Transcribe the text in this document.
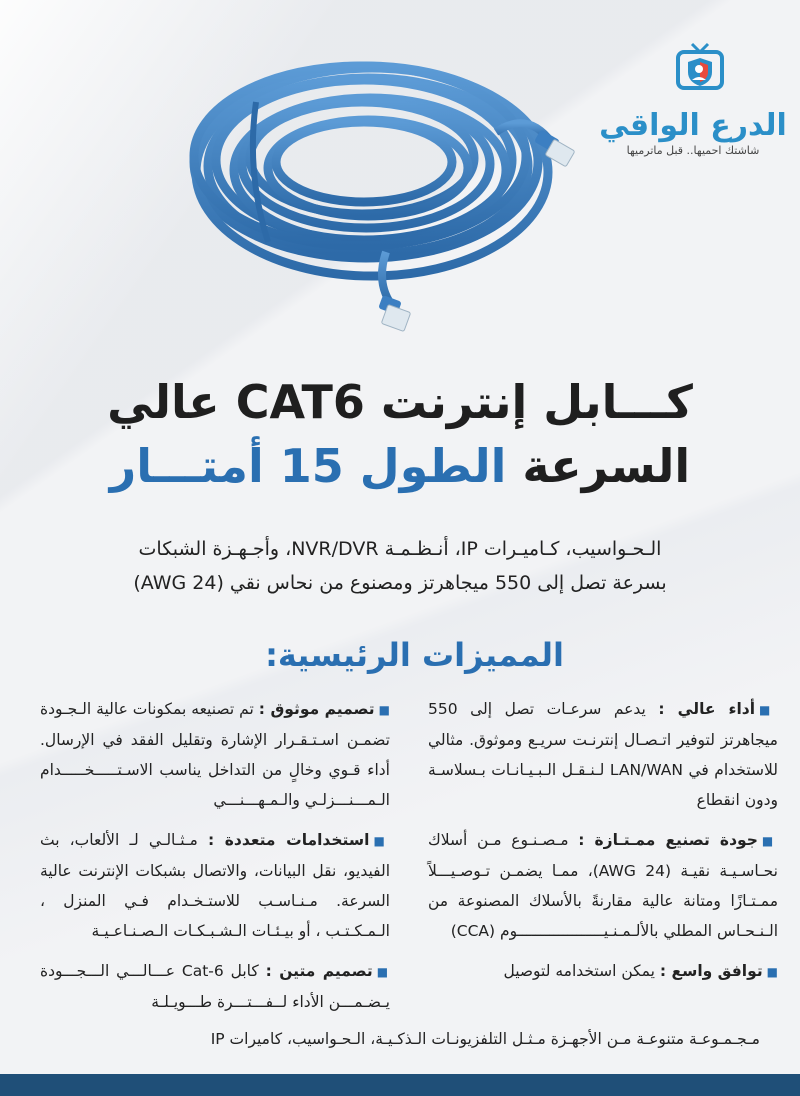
الدرع الواقي
شاشتك احميها.. قبل ماترميها
كـــابل إنترنت CAT6 عالي
السرعة الطول 15 أمتـــار
الـحـواسيب، كـاميـرات IP، أنـظـمـة NVR/DVR، وأجـهـزة الشبكات
بسرعة تصل إلى 550 ميجاهرتز ومصنوع من نحاس نقي (24 AWG)
المميزات الرئيسية:
■أداء عالي : يدعم سرعـات تصل إلى 550 ميجاهرتز لتوفير اتـصـال إنترنـت سريـع وموثوق. مثالي للاستخدام في LAN/WAN لـنـقـل الـبـيـانـات بـسلاسـة ودون انقطاع
■جودة تصنيع ممـتـازة : مـصـنـوع مـن أسلاك نحـاسـيـة نقيـة (24 AWG)، ممـا يضمـن تـوصـيـــلاً ممـتـازًا ومتانة عالية مقارنةً بالأسلاك المصنوعة من الـنـحـاس المطلي بالألـمـنـيـــــــــــــــــــوم (CCA)
■توافق واسع : يمكن استخدامه لتوصيل
■تصميم موثوق : تم تصنيعه بمكونات عالية الـجـودة تضمـن اسـتـقـرار الإشارة وتقليل الفقد في الإرسال. أداء قـوي وخالٍ من التداخل يناسب الاسـتـــــخـــــدام الـمـــنـــزلـي والـمـهـــنـــي
■استخدامات متعددة : مـثـالـي لـ الألعاب، بث الفيديو، نقل البيانات، والاتصال بشبكات الإنترنت عالية السرعة. مـنـاسـب للاستـخـدام فـي المنزل ، الـمـكـتـب ، أو بيـئـات الـشـبـكـات الـصـنـاعـيـة
■تصميم متين : كابل Cat-6 عـــالـــي الـــجـــودة يـضـمـــن الأداء لــفـــتـــرة طـــويـلـة
مـجـمـوعـة متنوعـة مـن الأجهـزة مـثـل التلفزيونـات الـذكـيـة، الـحـواسيب، كاميرات IP
